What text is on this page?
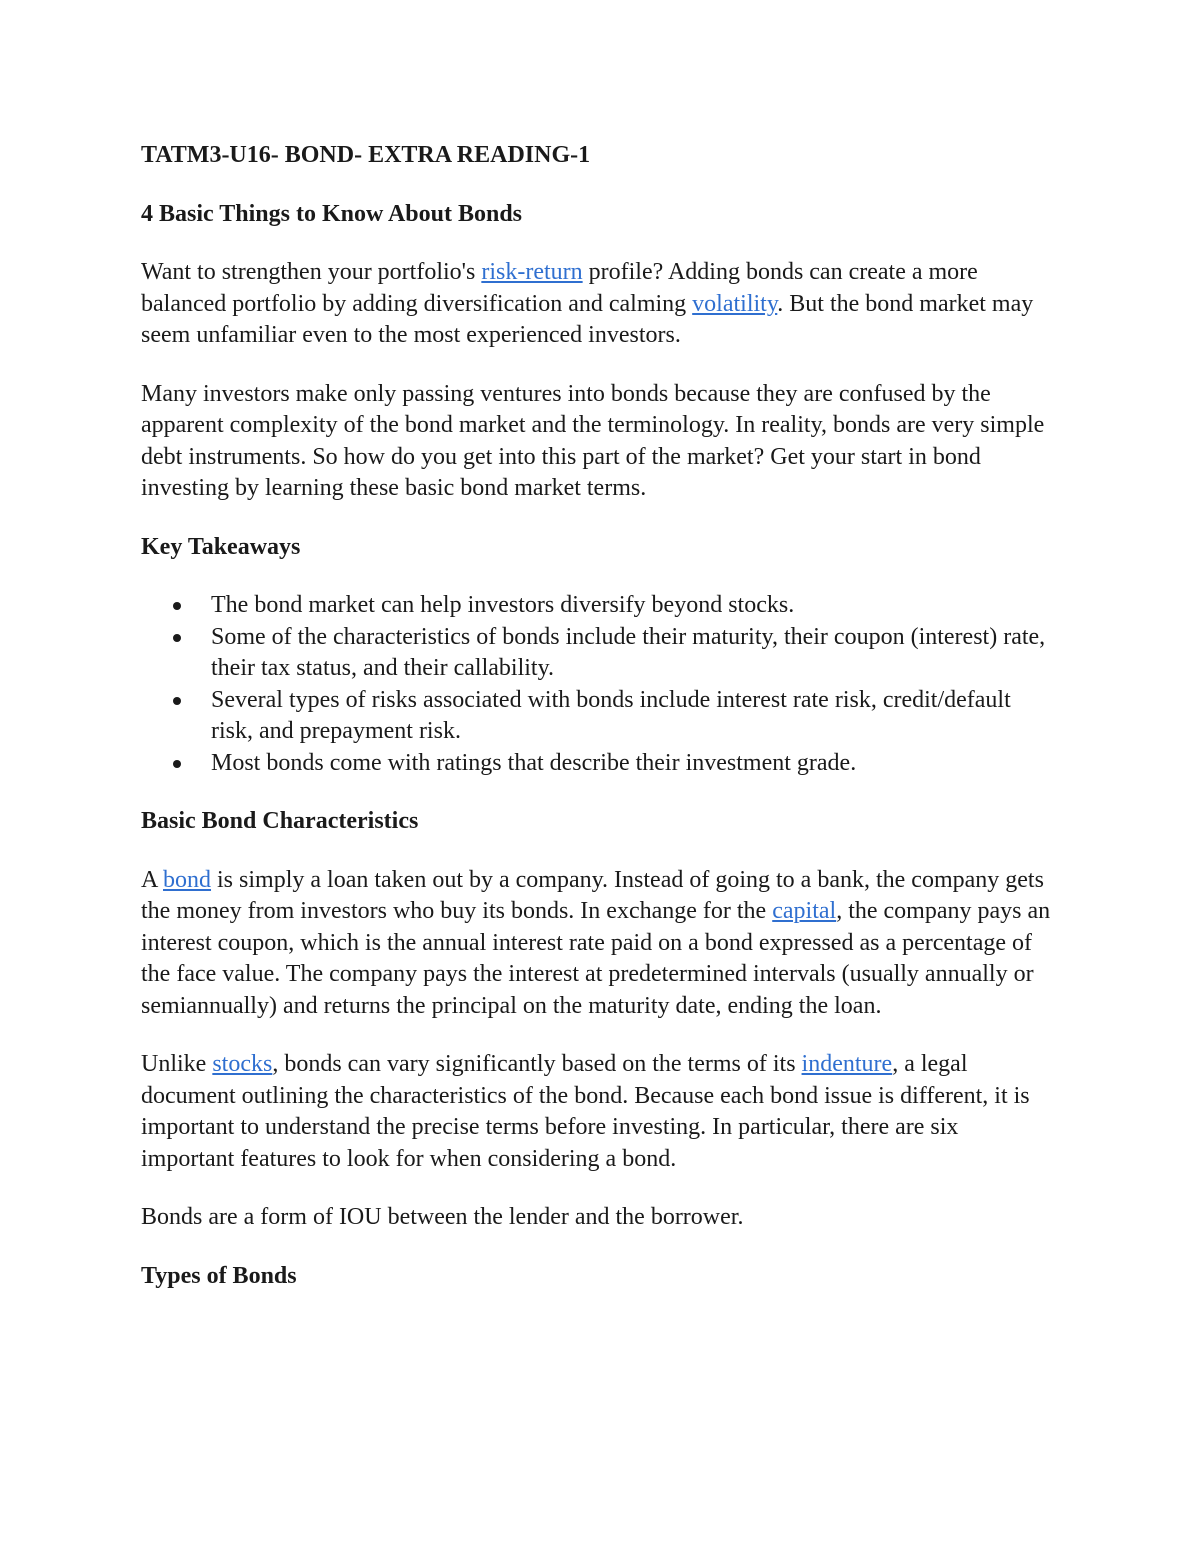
TATM3-U16- BOND- EXTRA READING-1
4 Basic Things to Know About Bonds

Want to strengthen your portfolio's risk-return profile? Adding bonds can create a more balanced portfolio by adding diversification and calming volatility. But the bond market may seem unfamiliar even to the most experienced investors.

Many investors make only passing ventures into bonds because they are confused by the apparent complexity of the bond market and the terminology. In reality, bonds are very simple debt instruments. So how do you get into this part of the market? Get your start in bond investing by learning these basic bond market terms.

Key Takeaways
The bond market can help investors diversify beyond stocks.
Some of the characteristics of bonds include their maturity, their coupon (interest) rate, their tax status, and their callability.
Several types of risks associated with bonds include interest rate risk, credit/default risk, and prepayment risk.
Most bonds come with ratings that describe their investment grade.
Basic Bond Characteristics

A bond is simply a loan taken out by a company. Instead of going to a bank, the company gets the money from investors who buy its bonds. In exchange for the capital, the company pays an interest coupon, which is the annual interest rate paid on a bond expressed as a percentage of the face value. The company pays the interest at predetermined intervals (usually annually or semiannually) and returns the principal on the maturity date, ending the loan.

Unlike stocks, bonds can vary significantly based on the terms of its indenture, a legal document outlining the characteristics of the bond. Because each bond issue is different, it is important to understand the precise terms before investing. In particular, there are six important features to look for when considering a bond.

Bonds are a form of IOU between the lender and the borrower.

Types of Bonds
